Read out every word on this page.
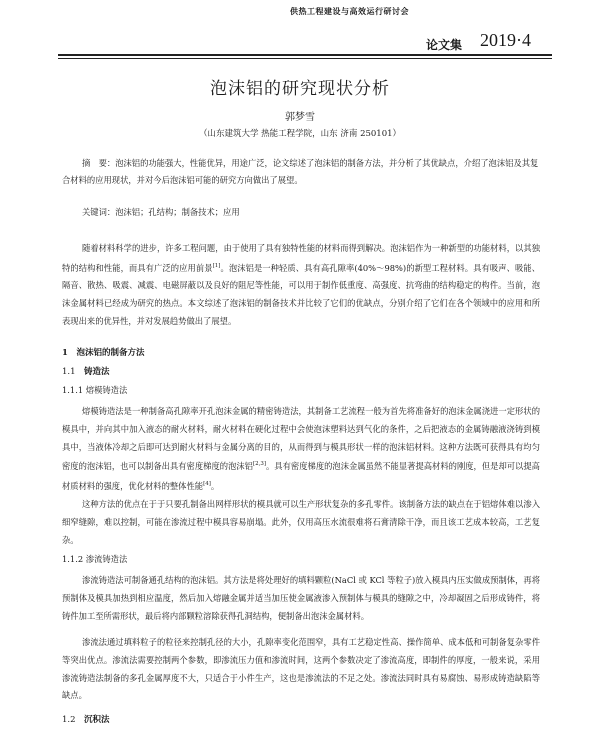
供热工程建设与高效运行研讨会
论文集 2019·4
泡沫铝的研究现状分析
郭梦雪
（山东建筑大学 热能工程学院，山东 济南 250101）

摘　要：泡沫铝的功能强大，性能优异，用途广泛，论文综述了泡沫铝的制备方法，并分析了其优缺点，介绍了泡沫铝及其复合材料的应用现状，并对今后泡沫铝可能的研究方向做出了展望。

关键词：泡沫铝；孔结构；制备技术；应用

随着材料科学的进步，许多工程问题，由于使用了具有独特性能的材料而得到解决。泡沫铝作为一种新型的功能材料，以其独特的结构和性能，而具有广泛的应用前景[1]。泡沫铝是一种轻质、具有高孔隙率(40%～98%)的新型工程材料。具有吸声、吸能、隔音、散热、吸震、减震、电磁屏蔽以及良好的阻尼等性能，可以用于制作低重度、高强度、抗弯曲的结构稳定的构件。当前，泡沫金属材料已经成为研究的热点。本文综述了泡沫铝的制备技术并比较了它们的优缺点，分别介绍了它们在各个领域中的应用和所表现出来的优异性，并对发展趋势做出了展望。

1　 泡沫铝的制备方法
1.1　 铸造法
1.1.1 熔模铸造法

熔模铸造法是一种制备高孔隙率开孔泡沫金属的精密铸造法，其制备工艺流程一般为首先将准备好的泡沫金属浇进一定形状的模具中，并向其中加入液态的耐火材料，耐火材料在硬化过程中会使泡沫塑料达到气化的条件，之后把液态的金属铸融液浇铸到模具中，当液体冷却之后即可达到耐火材料与金属分离的目的，从而得到与模具形状一样的泡沫铝材料。这种方法既可获得具有均匀密度的泡沫铝，也可以制备出具有密度梯度的泡沫铝[2,3]。具有密度梯度的泡沫金属虽然不能显著提高材料的刚度，但是却可以提高材质材料的强度，优化材料的整体性能[4]。

这种方法的优点在于于只要孔制备出网样形状的模具就可以生产形状复杂的多孔零件。该制备方法的缺点在于铝熔体难以渗入细窄缝隙，难以控制，可能在渗流过程中模具容易崩塌。此外，仅用高压水流很难将石膏清除干净，而且该工艺成本较高，工艺复杂。

1.1.2 渗流铸造法

渗流铸造法可制备通孔结构的泡沫铝。其方法是将处理好的填料颗粒(NaCl 或 KCl 等粒子)放入模具内压实做成预制体，再将预制体及模具加热到相应温度，然后加入熔融金属并适当加压使金属液渗入预制体与模具的缝隙之中，冷却凝固之后形成铸件，将铸件加工至所需形状，最后将内部颗粒溶除获得孔洞结构，便制备出泡沫金属材料。

渗流法通过填料粒子的粒径来控制孔径的大小，孔隙率变化范围窄，具有工艺稳定性高、操作简单、成本低和可制备复杂零件等突出优点。渗流法需要控制两个参数，即渗流压力值和渗流时间，这两个参数决定了渗流高度，即制件的厚度，一般来说，采用渗流铸造法制备的多孔金属厚度不大，只适合于小件生产，这也是渗流法的不足之处。渗流法同时具有易腐蚀、易形成铸造缺陷等缺点。

1.2　 沉积法
